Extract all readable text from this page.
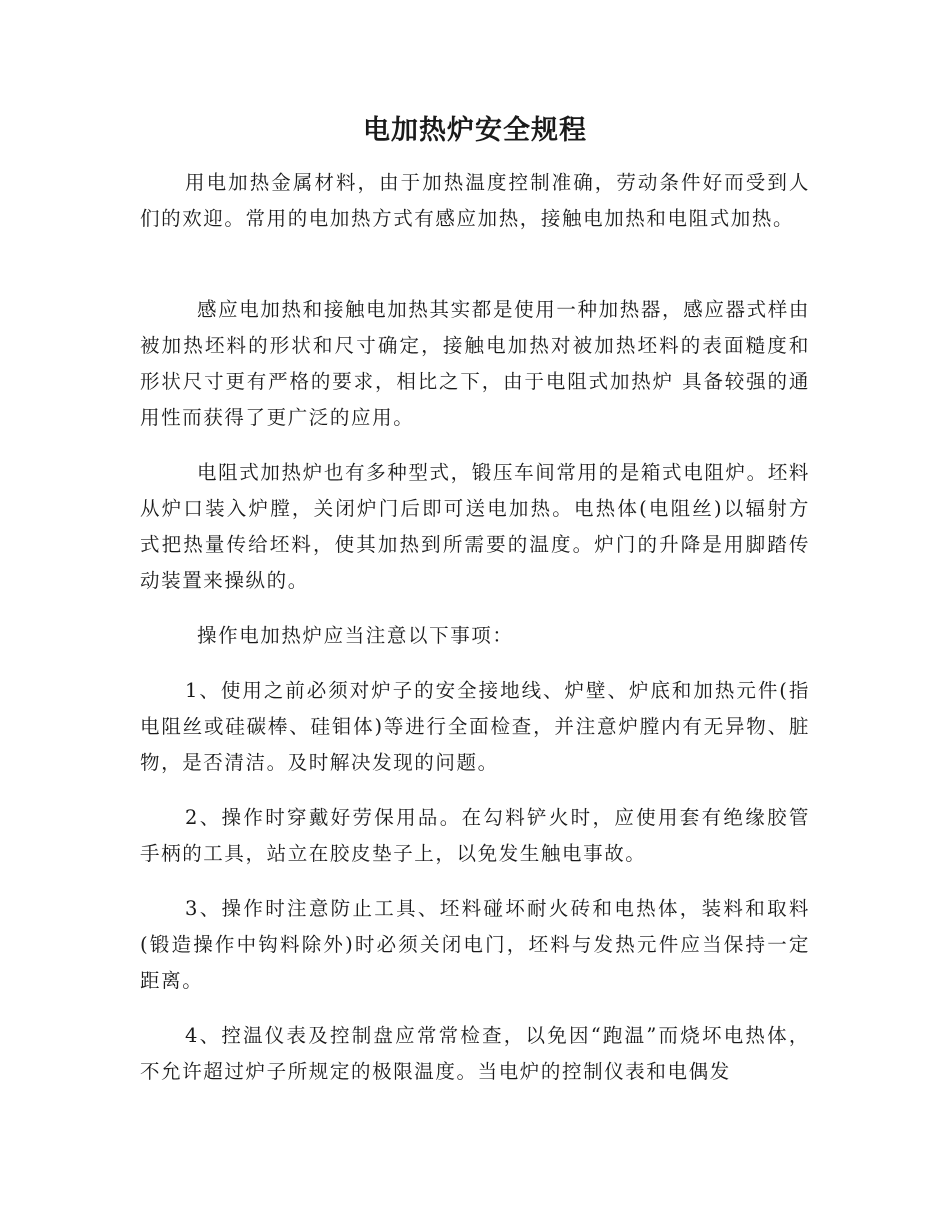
电加热炉安全规程

用电加热金属材料，由于加热温度控制准确，劳动条件好而受到人们的欢迎。常用的电加热方式有感应加热，接触电加热和电阻式加热。

感应电加热和接触电加热其实都是使用一种加热器，感应器式样由被加热坯料的形状和尺寸确定，接触电加热对被加热坯料的表面糙度和形状尺寸更有严格的要求，相比之下，由于电阻式加热炉 具备较强的通用性而获得了更广泛的应用。

电阻式加热炉也有多种型式，锻压车间常用的是箱式电阻炉。坯料从炉口装入炉膛，关闭炉门后即可送电加热。电热体(电阻丝)以辐射方式把热量传给坯料，使其加热到所需要的温度。炉门的升降是用脚踏传动装置来操纵的。

操作电加热炉应当注意以下事项：

1、使用之前必须对炉子的安全接地线、炉壁、炉底和加热元件(指电阻丝或硅碳棒、硅钼体)等进行全面检查，并注意炉膛内有无异物、脏物，是否清洁。及时解决发现的问题。

2、操作时穿戴好劳保用品。在勾料铲火时，应使用套有绝缘胶管手柄的工具，站立在胶皮垫子上，以免发生触电事故。

3、操作时注意防止工具、坯料碰坏耐火砖和电热体，装料和取料(锻造操作中钩料除外)时必须关闭电门，坯料与发热元件应当保持一定距离。

4、控温仪表及控制盘应常常检查，以免因“跑温”而烧坏电热体，不允许超过炉子所规定的极限温度。当电炉的控制仪表和电偶发
